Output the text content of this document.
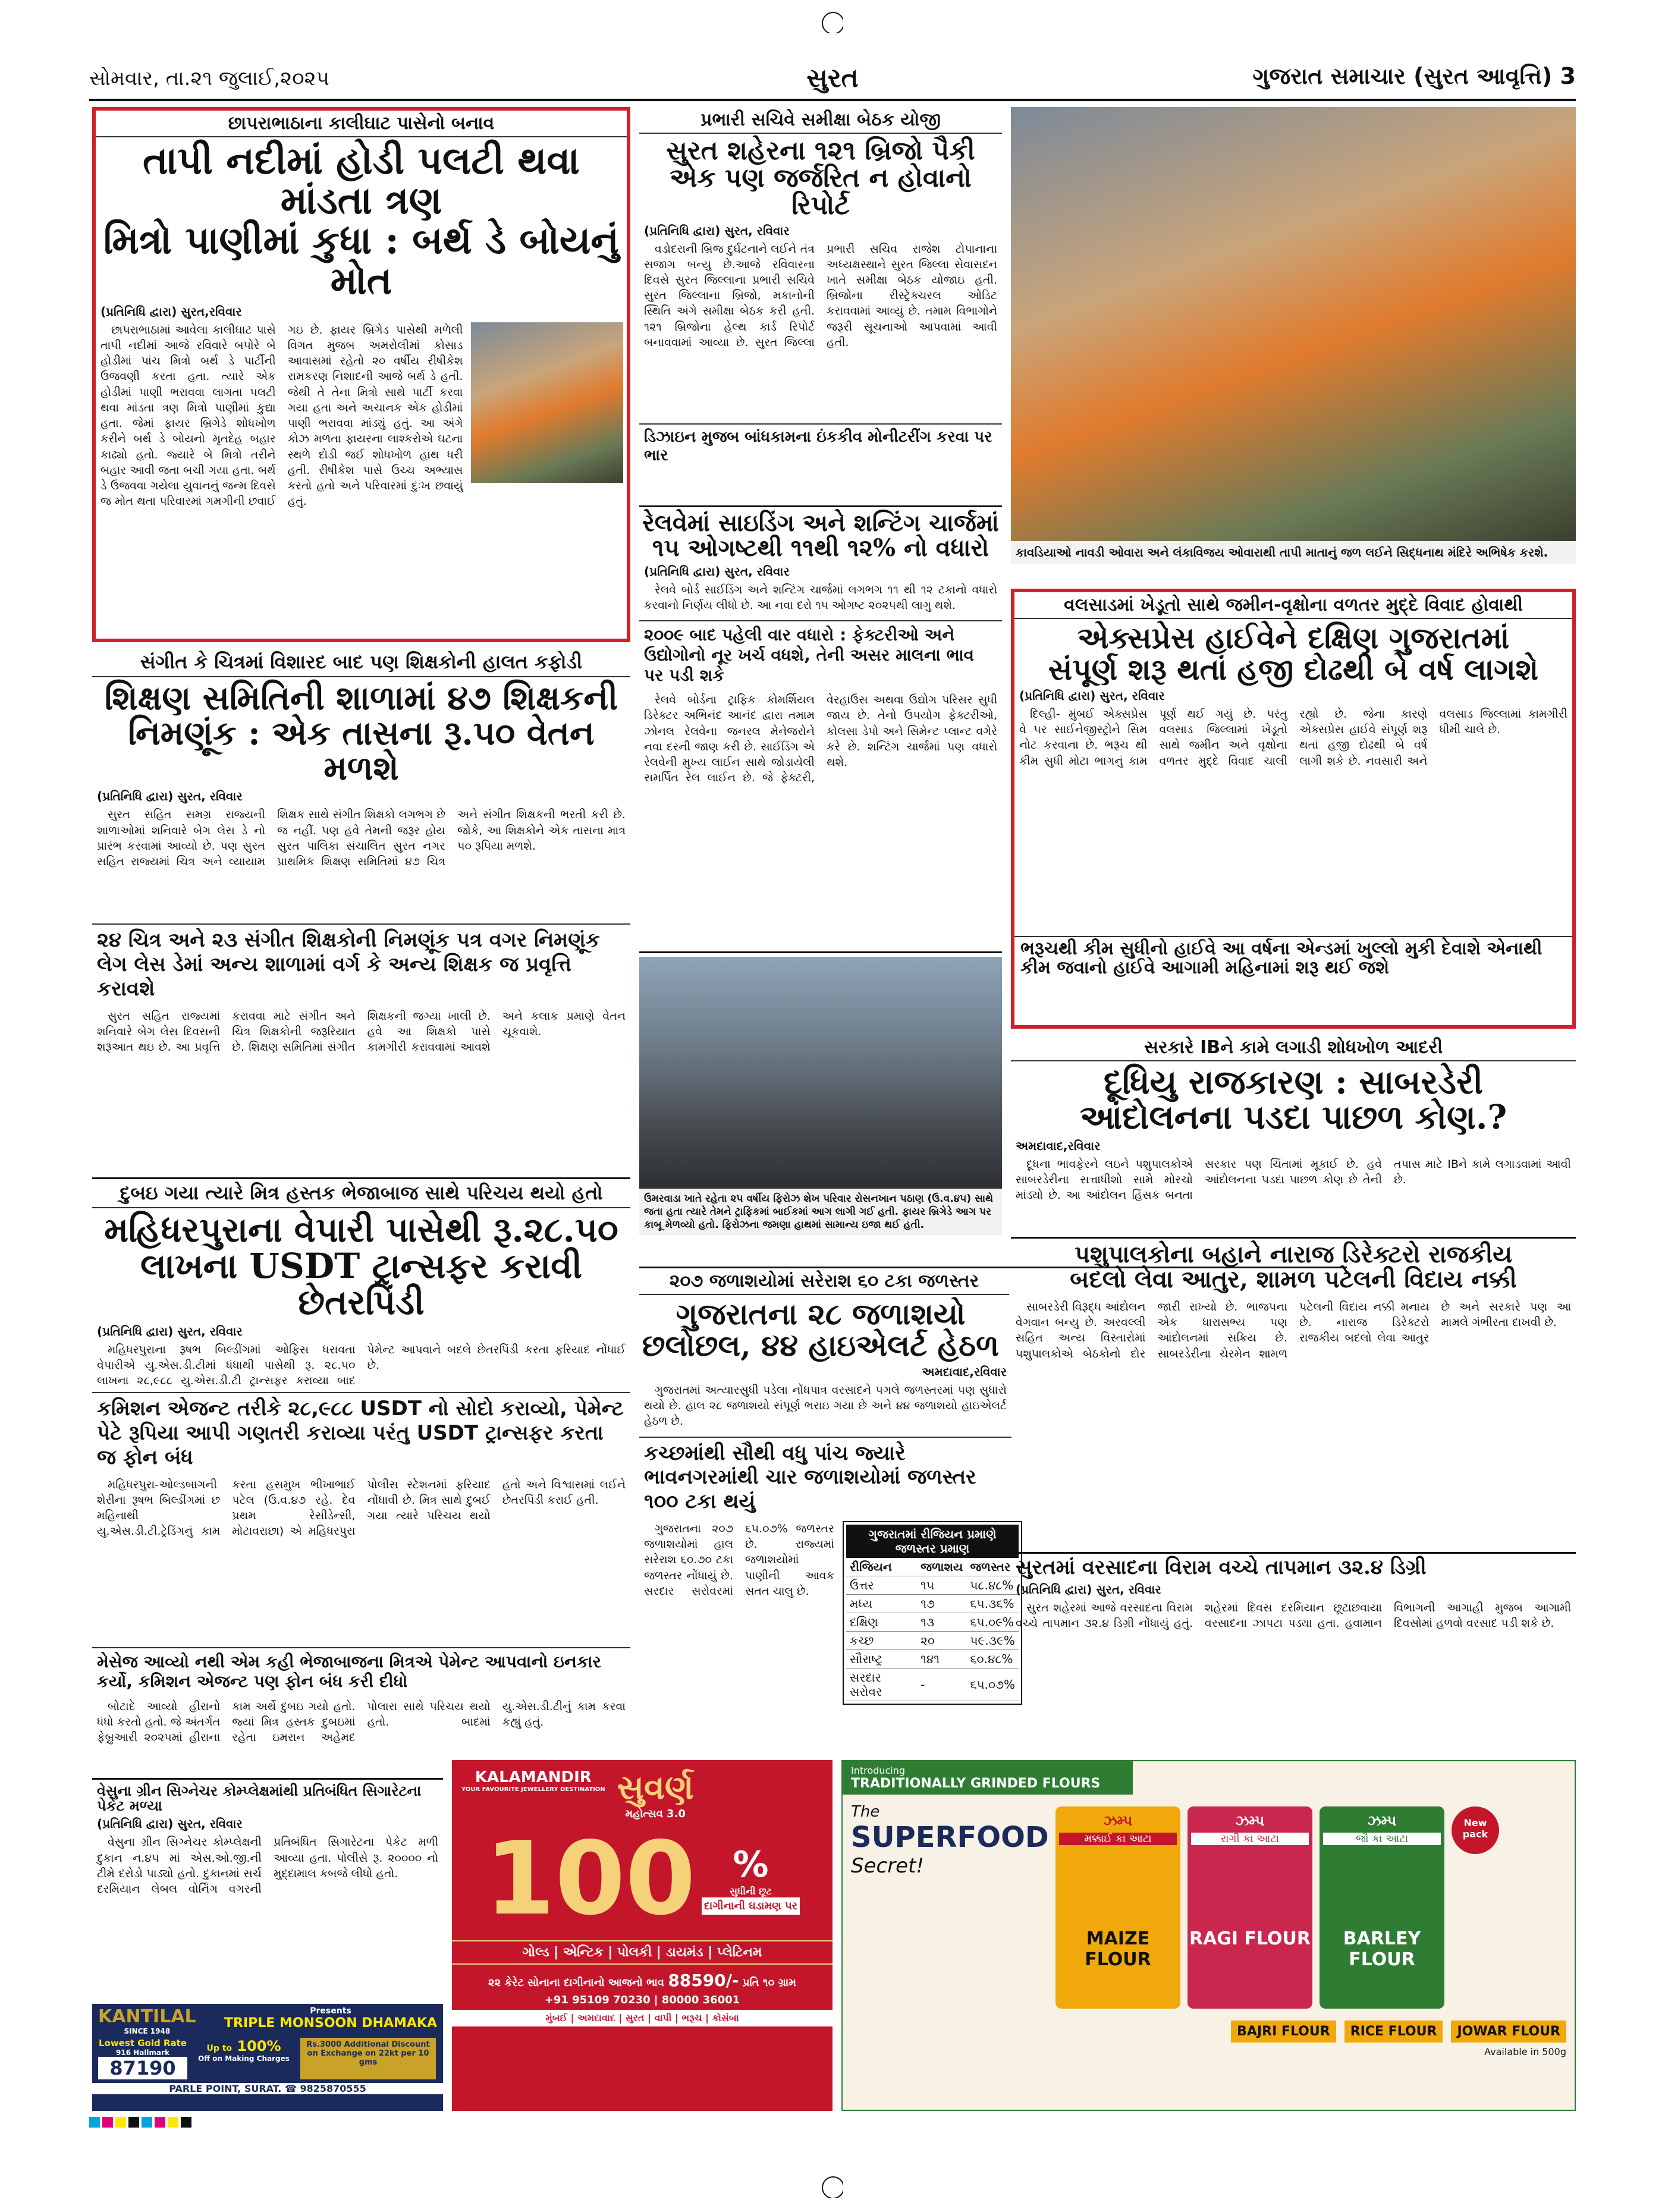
સોમવાર, તા.૨૧ જુલાઈ,૨૦૨૫	સુરત	ગુજરાત સમાચાર (સુરત આવૃત્તિ) 3
છાપરાભાઠાના કાલીઘાટ પાસેનો બનાવ
તાપી નદીમાં હોડી પલટી થવા માંડતા ત્રણ
મિત્રો પાણીમાં કુધા : બર્થ ડે બોયનું મોત
(પ્રતિનિધિ દ્વારા) સુરત,રવિવાર

છાપરાભાઠામાં આવેલા કાલીઘાટ પાસે તાપી નદીમાં આજે રવિવારે બપોરે બે હોડીમાં પાંચ મિત્રો બર્થ ડે પાર્ટીની ઉજવણી કરતા હતા. ત્યારે એક હોડીમાં પાણી ભરાવવા લાગતા પલટી થવા માંડતા ત્રણ મિત્રો પાણીમાં કુદ્યા હતા. જેમાં ફાયર બ્રિગેડે શોધખોળ કરીને બર્થ ડે બોયનો મૃતદેહ બહાર કાઢ્યો હતો. જ્યારે બે મિત્રો તરીને બહાર આવી જતા બચી ગયા હતા. બર્થ ડે ઉજવવા ગયેલા યુવાનનું જન્મ દિવસે જ મોત થતા પરિવારમાં ગમગીની છવાઈ ગઇ છે. ફાયર બ્રિગેડ પાસેથી મળેલી વિગત મુજબ અમરોલીમાં કોસાડ આવાસમાં રહેતો ૨૦ વર્ષીય રીષીકેશ રામકરણ નિશાદની આજે બર્થ ડે હતી. જેથી તે તેના મિત્રો સાથે પાર્ટી કરવા ગયા હતા અને અચાનક એક હોડીમાં પાણી ભરાવવા માંડ્યું હતું. આ અંગે કોઝ મળતા ફાયરના લાશ્કરોએ ઘટના સ્થળે દોડી જઈ શોધખોળ હાથ ધરી હતી. રીષીકેશ પાસે ઉચ્ચ અભ્યાસ કરતો હતો અને પરિવારમાં દુઃખ છવાયું હતું.

પ્રભારી સચિવે સમીક્ષા બેઠક યોજી
સુરત શહેરના ૧૨૧ બ્રિજો પૈકી
એક પણ જર્જરિત ન હોવાનો રિપોર્ટ
(પ્રતિનિધિ દ્વારા) સુરત, રવિવાર

વડોદરાની બ્રિજ દુર્ઘટનાને લઈને તંત્ર સજાગ બન્યુ છે.આજે રવિવારના દિવસે સુરત જિલ્લાના પ્રભારી સચિવે સુરત જિલ્લાના બ્રિજો, મકાનોની સ્થિતિ અંગે સમીક્ષા બેઠક કરી હતી. ૧૨૧ બ્રિજોના હેલ્થ કાર્ડ રિપોર્ટ બનાવવામાં આવ્યા છે. સુરત જિલ્લા પ્રભારી સચિવ રાજેશ ટોપાનાના અધ્યક્ષસ્થાને સુરત જિલ્લા સેવાસદન ખાતે સમીક્ષા બેઠક યોજાઇ હતી. બ્રિજોના રીસ્ટ્રેક્ચરલ ઓડિટ કરાવવામાં આવ્યું છે. તમામ વિભાગોને જરૂરી સૂચનાઓ આપવામાં આવી હતી.

ડિઝાઇન મુજબ બાંધકામના ઇંકકીવ મોનીટરીંગ કરવા પર ભાર
રેલવેમાં સાઇડિંગ અને શન્ટિંગ ચાર્જમાં
૧૫ ઓગષ્ટથી ૧૧થી ૧૨% નો વધારો
(પ્રતિનિધિ દ્વારા) સુરત, રવિવાર

રેલવે બોર્ડ સાઈડિંગ અને શન્ટિંગ ચાર્જમાં લગભગ ૧૧ થી ૧૨ ટકાનો વધારો કરવાનો નિર્ણય લીધો છે. આ નવા દરો ૧૫ ઓગષ્ટ ૨૦૨૫થી લાગુ થશે.

૨૦૦૯ બાદ પહેલી વાર વધારો : ફેક્ટરીઓ અને ઉદ્યોગોનો નૂર ખર્ચ વધશે, તેની અસર માલના ભાવ પર પડી શકે

રેલવે બોર્ડના ટ્રાફિક કોમર્શિયલ ડિરેક્ટર અભિનંદ આનંદ દ્વારા તમામ ઝોનલ રેલવેના જનરલ મેનેજરોને નવા દરની જાણ કરી છે. સાઈડિંગ એ રેલવેની મુખ્ય લાઈન સાથે જોડાયેલી સમર્પિત રેલ લાઈન છે. જે ફેક્ટરી, વેરહાઉસ અથવા ઉદ્યોગ પરિસર સુધી જાય છે. તેનો ઉપયોગ ફેક્ટરીઓ, કોલસા ડેપો અને સિમેન્ટ પ્લાન્ટ વગેરે કરે છે. શન્ટિંગ ચાર્જમાં પણ વધારો થશે.

સંગીત કે ચિત્રમાં વિશારદ બાદ પણ શિક્ષકોની હાલત કફોડી
શિક્ષણ સમિતિની શાળામાં ૪૭ શિક્ષકની
નિમણૂંક : એક તાસના રૂ.૫૦ વેતન મળશે
(પ્રતિનિધિ દ્વારા) સુરત, રવિવાર

સુરત સહિત સમગ્ર રાજ્યની શાળાઓમાં શનિવારે બેગ લેસ ડે નો પ્રારંભ કરવામાં આવ્યો છે. પણ સુરત સહિત રાજ્યમાં ચિત્ર અને વ્યાયામ શિક્ષક સાથે સંગીત શિક્ષકો લગભગ છે જ નહીં. પણ હવે તેમની જરૂર હોય સુરત પાલિકા સંચાલિત સુરત નગર પ્રાથમિક શિક્ષણ સમિતિમાં ૪૭ ચિત્ર અને સંગીત શિક્ષકની ભરતી કરી છે. જોકે, આ શિક્ષકોને એક તાસના માત્ર ૫૦ રૂપિયા મળશે.

૨૪ ચિત્ર અને ૨૩ સંગીત શિક્ષકોની નિમણૂંક પત્ર વગર નિમણૂંક લેગ લેસ ડેમાં અન્ય શાળામાં વર્ગ કે અન્ય શિક્ષક જ પ્રવૃત્તિ કરાવશે

સુરત સહિત રાજ્યમાં શનિવારે બેગ લેસ દિવસની શરૂઆત થઇ છે. આ પ્રવૃત્તિ કરાવવા માટે સંગીત અને ચિત્ર શિક્ષકોની જરૂરિયાત છે. શિક્ષણ સમિતિમાં સંગીત શિક્ષકની જગ્યા ખાલી છે. હવે આ શિક્ષકો પાસે કામગીરી કરાવવામાં આવશે અને કલાક પ્રમાણે વેતન ચૂકવાશે.

દુબઇ ગયા ત્યારે મિત્ર હસ્તક ભેજાબાજ સાથે પરિચય થયો હતો
મહિધરપુરાના વેપારી પાસેથી રૂ.૨૮.૫૦
લાખના USDT ટ્રાન્સફર કરાવી છેતરપિંડી
(પ્રતિનિધિ દ્વારા) સુરત, રવિવાર

મહિધરપુરાના રૂષભ બિલ્ડીંગમાં ઓફિસ ધરાવતા વેપારીએ યુ.એસ.ડી.ટીમાં ધંધાથી પાસેથી રૂ. ૨૮.૫૦ લાખના ૨૮,૯૮૮ યુ.એસ.ડી.ટી ટ્રાન્સફર કરાવ્યા બાદ પેમેન્ટ આપવાને બદલે છેતરપિંડી કરતા ફરિયાદ નોંધાઈ છે.

કમિશન એજન્ટ તરીકે ૨૮,૯૮૮ USDT નો સોદો કરાવ્યો, પેમેન્ટ પેટે રૂપિયા આપી ગણતરી કરાવ્યા પરંતુ USDT ટ્રાન્સફર કરતા જ ફોન બંધ

મહિધરપુરા-ઓલ્ડબાગની શેરીના રૂષભ બિલ્ડીંગમાં છ મહિનાથી યુ.એસ.ડી.ટી.ટ્રેડિંગનું કામ કરતા હસમુખ ભીખાભાઈ પટેલ (ઉ.વ.૪૭ રહે. દેવ પ્રથમ રેસીડેન્સી, મોટાવરાછા) એ મહિધરપુરા પોલીસ સ્ટેશનમાં ફરિયાદ નોંધાવી છે. મિત્ર સાથે દુબઈ ગયા ત્યારે પરિચય થયો હતો અને વિશ્વાસમાં લઈને છેતરપિંડી કરાઈ હતી.

મેસેજ આવ્યો નથી એમ કહી ભેજાબાજના મિત્રએ પેમેન્ટ આપવાનો ઇનકાર કર્યો, કમિશન એજન્ટ પણ ફોન બંધ કરી દીધો

બોટાદે આવ્યો હીરાનો ધંધો કરતો હતો. જે અંતર્ગત ફેબ્રુઆરી ૨૦૨૫માં હીરાના કામ અર્થે દુબઇ ગયો હતો. જ્યાં મિત્ર હસ્તક દુબઇમાં રહેતા ઇમરાન અહેમદ પોલારા સાથે પરિચય થયો હતો. બાદમાં યુ.એસ.ડી.ટીનું કામ કરવા કહ્યું હતું.

વેસુના ગ્રીન સિગ્નેચર કોમ્પ્લેક્ષમાંથી પ્રતિબંધિત સિગારેટના પેકેટ મળ્યા
(પ્રતિનિધિ દ્વારા) સુરત, રવિવાર

વેસુના ગ્રીન સિગ્નેચર કોમ્પ્લેક્ષની દુકાન ન.૪૫ માં એસ.ઓ.જી.ની ટીમે દરોડો પાડ્યો હતો. દુકાનમાં સર્ચ દરમિયાન લેબલ વોર્નિંગ વગરની પ્રતિબંધિત સિગારેટના પેકેટ મળી આવ્યા હતા. પોલીસે રૂ. ૨૦૦૦૦ નો મુદ્દામાલ કબજે લીધો હતો.

કાવડિયાઓ નાવડી ઓવારા અને લંકાવિજય ઓવારાથી તાપી માતાનું જળ લઈને સિદ્ધનાથ મંદિરે અભિષેક કરશે.
વલસાડમાં ખેડૂતો સાથે જમીન-વૃક્ષોના વળતર મુદ્દે વિવાદ હોવાથી
એક્સપ્રેસ હાઈવેને દક્ષિણ ગુજરાતમાં
સંપૂર્ણ શરૂ થતાં હજી દોઢથી બે વર્ષ લાગશે
(પ્રતિનિધિ દ્વારા) સુરત, રવિવાર

દિલ્હી- મુંબઈ એક્સપ્રેસ વે પર સાઈનેજીસ્ટ્રોને સિમ નોટ કરવાના છે. ભરૂચ થી કીમ સુધી મોટા ભાગનું કામ પૂર્ણ થઈ ગયું છે. પરંતુ વલસાડ જિલ્લામાં ખેડૂતો સાથે જમીન અને વૃક્ષોના વળતર મુદ્દે વિવાદ ચાલી રહ્યો છે. જેના કારણે એક્સપ્રેસ હાઈવે સંપૂર્ણ શરૂ થતાં હજી દોઢથી બે વર્ષ લાગી શકે છે. નવસારી અને વલસાડ જિલ્લામાં કામગીરી ધીમી ચાલે છે.

ભરૂચથી કીમ સુધીનો હાઈવે આ વર્ષના એન્ડમાં ખુલ્લો મુકી દેવાશે એનાથી કીમ જવાનો હાઈવે આગામી મહિનામાં શરૂ થઈ જશે
સરકારે IBને કામે લગાડી શોધખોળ આદરી
દૂધિયુ રાજકારણ : સાબરડેરી
આંદોલનના પડદા પાછળ કોણ.?
અમદાવાદ,રવિવાર

દૂધના ભાવફેરને લઇને પશુપાલકોએ સાબરડેરીના સત્તાધીશો સામે મોરચો માંડ્યો છે. આ આંદોલન હિંસક બનતા સરકાર પણ ચિંતામાં મૂકાઈ છે. હવે આંદોલનના પડદા પાછળ કોણ છે તેની તપાસ માટે IBને કામે લગાડવામાં આવી છે.

પશુપાલકોના બહાને નારાજ ડિરેક્ટરો રાજકીય
બદલો લેવા આતુર, શામળ પટેલની વિદાય નક્કી

સાબરડેરી વિરૂદ્ધ આંદોલન વેગવાન બન્યુ છે. અરવલ્લી સહિત અન્ય વિસ્તારોમાં પશુપાલકોએ બેઠકોનો દોર જારી રાખ્યો છે. ભાજપના એક ધારાસભ્ય પણ આંદોલનમાં સક્રિય છે. સાબરડેરીના ચેરમેન શામળ પટેલની વિદાય નક્કી મનાય છે. નારાજ ડિરેક્ટરો રાજકીય બદલો લેવા આતુર છે અને સરકારે પણ આ મામલે ગંભીરતા દાખવી છે.

ઉમરવાડા ખાતે રહેતા ૨૫ વર્ષીય ફિરોઝ શેખ પરિવાર રોસનખાન પઠાણ (ઉ.વ.૪૫) સાથે જતા હતા ત્યારે તેમને ટ્રાફિકમાં બાઈકમાં આગ લાગી ગઈ હતી. ફાયર બ્રિગેડે આગ પર કાબૂ મેળવ્યો હતો. ફિરોઝના જમણા હાથમાં સામાન્ય ઇજા થઈ હતી.
૨૦૭ જળાશયોમાં સરેરાશ ૬૦ ટકા જળસ્તર
ગુજરાતના ૨૮ જળાશયો
છલોછલ, ૪૪ હાઇએલર્ટ હેઠળ
અમદાવાદ,રવિવાર

ગુજરાતમાં અત્યારસુધી પડેલા નોંધપાત્ર વરસાદને પગલે જળસ્તરમાં પણ સુધારો થયો છે. હાલ ૨૮ જળાશયો સંપૂર્ણ ભરાઇ ગયા છે અને ૪૪ જળાશયો હાઇએલર્ટ હેઠળ છે.

કચ્છમાંથી સૌથી વધુ પાંચ જ્યારે ભાવનગરમાંથી ચાર જળાશયોમાં જળસ્તર ૧૦૦ ટકા થયું

ગુજરાતના ૨૦૭ જળાશયોમાં હાલ સરેરાશ ૬૦.૭૦ ટકા જળસ્તર નોંધાયું છે. સરદાર સરોવરમાં ૬૫.૦૭% જળસ્તર છે. રાજ્યમાં જળાશયોમાં પાણીની આવક સતત ચાલુ છે.

ગુજરાતમાં રીજિયન પ્રમાણે જળસ્તર પ્રમાણ
રીજિયન	જળાશય	જળસ્તર
ઉત્તર	૧૫	૫૮.૪૮%
મધ્ય	૧૭	૬૫.૩૬%
દક્ષિણ	૧૩	૬૫.૦૯%
કચ્છ	૨૦	૫૯.૩૯%
સૌરાષ્ટ્ર	૧૪૧	૬૦.૪૮%
સરદાર સરોવર	-	૬૫.૦૭%
સુરતમાં વરસાદના વિરામ વચ્ચે તાપમાન ૩૨.૪ ડિગ્રી
(પ્રતિનિધિ દ્વારા) સુરત, રવિવાર

સુરત શહેરમાં આજે વરસાદના વિરામ વચ્ચે તાપમાન ૩૨.૪ ડિગ્રી નોંધાયું હતું. શહેરમાં દિવસ દરમિયાન છૂટાછવાયા વરસાદના ઝાપટા પડ્યા હતા. હવામાન વિભાગની આગાહી મુજબ આગામી દિવસોમાં હળવો વરસાદ પડી શકે છે.

KANTILAL
SINCE 1948
Presents
TRIPLE MONSOON DHAMAKA
Lowest Gold Rate
916 Hallmark
87190
Up to 100%
Off on Making Charges
Rs.3000 Additional Discount on Exchange on 22kt per 10 gms
PARLE POINT, SURAT. ☎ 9825870555
KALAMANDIR
YOUR FAVOURITE JEWELLERY DESTINATION સુવર્ણ
મહોત્સવ 3.0
100	%
સુધીની છૂટ
દાગીનાની ઘડામણ પર
ગોલ્ડ | એન્ટિક | પોલકી | ડાયમંડ | પ્લેટિનમ
૨૨ કેરેટ સોનાના દાગીનાનો આજનો ભાવ 88590/- પ્રતિ ૧૦ ગ્રામ
+91 95109 70230 | 80000 36001
મુંબઈ | અમદાવાદ | સુરત | વાપી | ભરૂચ | કોસંબા
Introducing
TRADITIONALLY GRINDED FLOURS
The
SUPERFOOD
Secret!
ઝમ્પ
મક્કાઈ કા આટા
MAIZE FLOUR
ઝમ્પ
રાગી કા આટા
RAGI FLOUR
ઝમ્પ
જૌ કા આટા
BARLEY FLOUR
New pack
BAJRI FLOUR	RICE FLOUR	JOWAR FLOUR
Available in 500g
